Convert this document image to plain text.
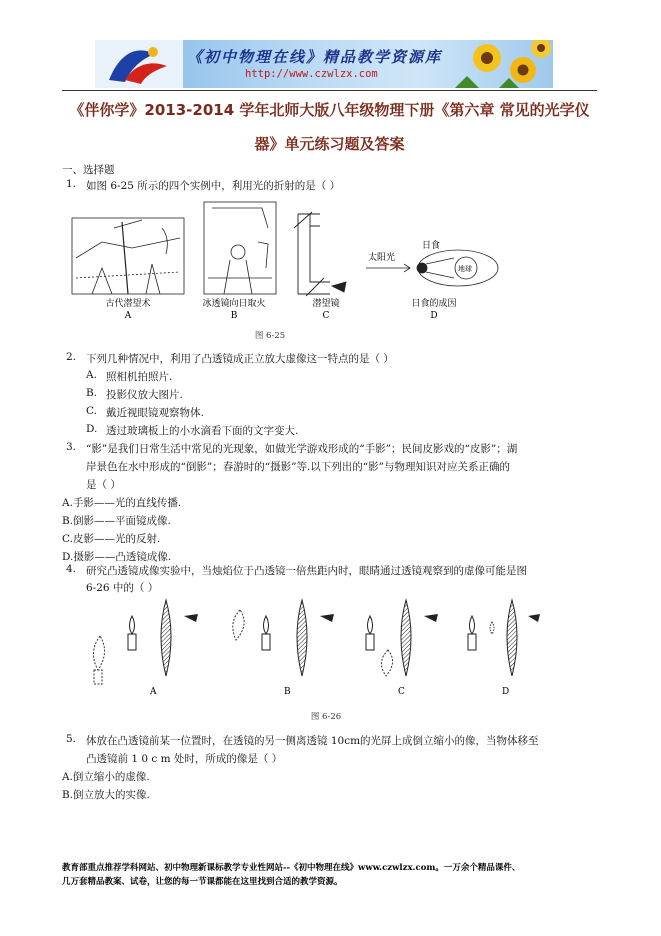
《初中物理在线》精品教学资源库
http://www.czwlzx.com
《伴你学》2013-2014 学年北师大版八年级物理下册《第六章 常见的光学仪
器》单元练习题及答案
一、选择题
1. 如图 6-25 所示的四个实例中，利用光的折射的是（ ）
太阳光
日食
地球
古代潜望术
A
冰透镜向日取火
B
潜望镜
C
日食的成因
D
图 6-25
2. 下列几种情况中，利用了凸透镜成正立放大虚像这一特点的是（ ）
A. 照相机拍照片.
B. 投影仪放大图片.
C. 戴近视眼镜观察物体.
D. 透过玻璃板上的小水滴看下面的文字变大.
3. “影”是我们日常生活中常见的光现象，如做光学游戏形成的“手影”；民间皮影戏的“皮影”；湖
岸景色在水中形成的“倒影”；春游时的“摄影”等.以下列出的“影”与物理知识对应关系正确的
是（ ）
A.手影——光的直线传播.
B.倒影——平面镜成像.
C.皮影——光的反射.
D.摄影——凸透镜成像.
4. 研究凸透镜成像实验中，当烛焰位于凸透镜一倍焦距内时，眼睛通过透镜观察到的虚像可能是图
6-26 中的（ ）
A	B	C	D
图 6-26
5. 体放在凸透镜前某一位置时，在透镜的另一侧离透镜 10cm的光屏上成倒立缩小的像，当物体移至
凸透镜前 1 0 c m 处时，所成的像是（ ）
A.倒立缩小的虚像.
B.倒立放大的实像.
教育部重点推荐学科网站、初中物理新课标教学专业性网站--《初中物理在线》www.czwlzx.com。一万余个精品课件、
几万套精品教案、试卷，让您的每一节课都能在这里找到合适的教学资源。
